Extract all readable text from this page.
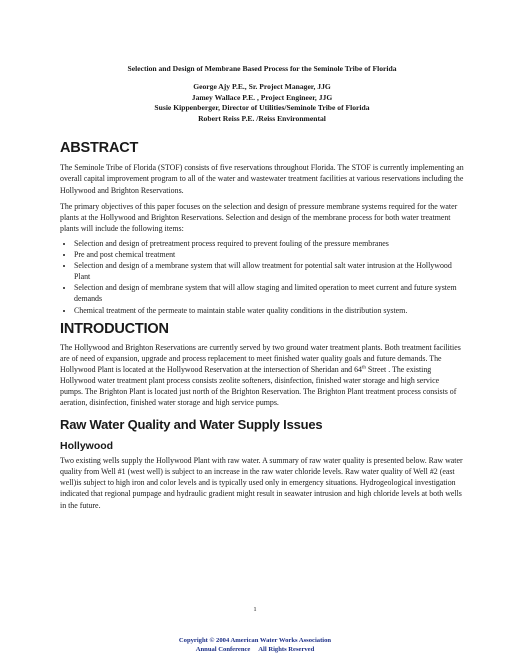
Selection and Design of Membrane Based Process for the Seminole Tribe of Florida
George Ajy P.E., Sr. Project Manager, JJG
Jamey Wallace P.E. , Project Engineer, JJG
Susie Kippenberger, Director of Utilities/Seminole Tribe of Florida
Robert Reiss P.E. /Reiss Environmental
ABSTRACT

The Seminole Tribe of Florida (STOF) consists of five reservations throughout Florida. The STOF is currently implementing an overall capital improvement program to all of the water and wastewater treatment facilities at various reservations including the Hollywood and Brighton Reservations.

The primary objectives of this paper focuses on the selection and design of pressure membrane systems required for the water plants at the Hollywood and Brighton Reservations. Selection and design of the membrane process for both water treatment plants will include the following items:

• Selection and design of pretreatment process required to prevent fouling of the pressure membranes
• Pre and post chemical treatment
• Selection and design of a membrane system that will allow treatment for potential salt water intrusion at the Hollywood Plant
• Selection and design of membrane system that will allow staging and limited operation to meet current and future system demands
• Chemical treatment of the permeate to maintain stable water quality conditions in the distribution system.
INTRODUCTION

The Hollywood and Brighton Reservations are currently served by two ground water treatment plants. Both treatment facilities are of need of expansion, upgrade and process replacement to meet finished water quality goals and future demands. The Hollywood Plant is located at the Hollywood Reservation at the intersection of Sheridan and 64th Street . The existing Hollywood water treatment plant process consists zeolite softeners, disinfection, finished water storage and high service pumps. The Brighton Plant is located just north of the Brighton Reservation. The Brighton Plant treatment process consists of aeration, disinfection, finished water storage and high service pumps.

Raw Water Quality and Water Supply Issues
Hollywood

Two existing wells supply the Hollywood Plant with raw water. A summary of raw water quality is presented below. Raw water quality from Well #1 (west well) is subject to an increase in the raw water chloride levels. Raw water quality of Well #2 (east well)is subject to high iron and color levels and is typically used only in emergency situations. Hydrogeological investigation indicated that regional pumpage and hydraulic gradient might result in seawater intrusion and high chloride levels at both wells in the future.

1
Copyright © 2004 American Water Works Association
Annual Conference     All Rights Reserved
